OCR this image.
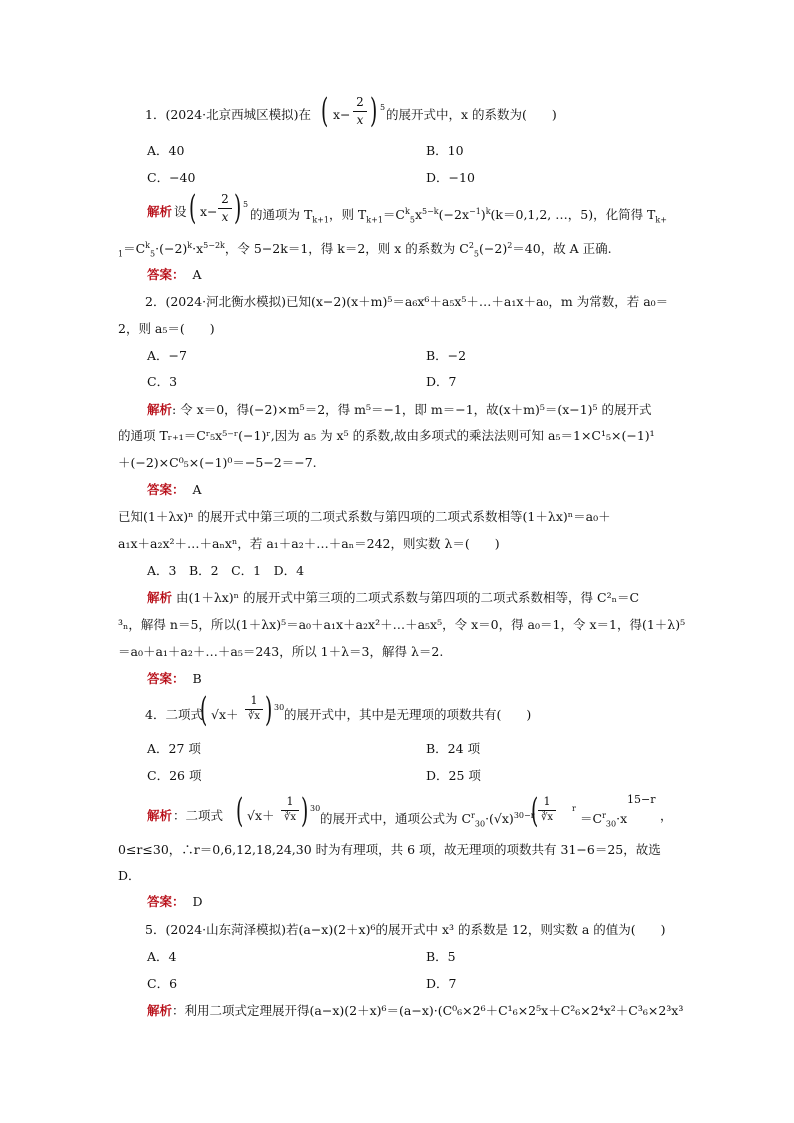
1．(2024·北京西城区模拟)在 ( x−
2
x ) 5 的展开式中，x 的系数为(　　)
A．40	B．10
C．−40	D．−10
解析 设 ( x−
2
x ) 5
的通项为 $T_{k+1}$，则 $T_{k+1}=C^k_5x^{5-k}(-2x^{-1})^k(k=0,1,2$, …，5)，化简得 $T_{k+}$
$_1=C^k_5\cdot(-2)^k\cdot x^{5-2k}$，令 5−2k＝1，得 k＝2，则 x 的系数为 $C^2_5(-2)^2=40$，故 A 正确.
答案： A
2．(2024·河北衡水模拟)已知(x−2)(x＋m)⁵＝a₆x⁶＋a₅x⁵＋…＋a₁x＋a₀，m 为常数，若 a₀＝
2，则 a₅＝(　　)
A．−7	B．−2
C．3	D．7
解析: 令 x＝0，得(−2)×m⁵＝2，得 m⁵＝−1，即 m＝−1，故(x＋m)⁵＝(x−1)⁵ 的展开式
的通项 Tᵣ₊₁＝Cʳ₅x⁵⁻ʳ(−1)ʳ,因为 a₅ 为 x⁵ 的系数,故由多项式的乘法法则可知 a₅＝1×C¹₅×(−1)¹
＋(−2)×C⁰₅×(−1)⁰＝−5−2＝−7.
答案： A
已知(1＋λx)ⁿ 的展开式中第三项的二项式系数与第四项的二项式系数相等(1＋λx)ⁿ＝a₀＋
a₁x＋a₂x²＋…＋aₙxⁿ，若 a₁＋a₂＋…＋aₙ＝242，则实数 λ＝(　　)
A．3　B．2　C．1　D．4
解析 由(1＋λx)ⁿ 的展开式中第三项的二项式系数与第四项的二项式系数相等，得 C²ₙ＝C
³ₙ，解得 n＝5，所以(1＋λx)⁵＝a₀＋a₁x＋a₂x²＋…＋a₅x⁵，令 x＝0，得 a₀＝1，令 x＝1，得(1＋λ)⁵
＝a₀＋a₁＋a₂＋…＋a₅＝243，所以 1＋λ＝3，解得 λ＝2.
答案： B
4．二项式
( √x＋
1
∛x ) 30 的展开式中，其中是无理项的项数共有(　　)
A．27 项	B．24 项
C．26 项	D．25 项
解析 ：二项式 ( √x＋
1
∛x ) 30
的展开式中，通项公式为 $C^r_{30}\cdot(√x)^{30-r}$
( 1
∛x
r
$=C^r_{30}\cdot x$
15−r
，
0≤r≤30，∴r＝0,6,12,18,24,30 时为有理项，共 6 项，故无理项的项数共有 31−6＝25，故选
D．
答案： D
5．(2024·山东菏泽模拟)若(a−x)(2＋x)⁶的展开式中 x³ 的系数是 12，则实数 a 的值为(　　)
A．4	B．5
C．6	D．7
解析：利用二项式定理展开得(a−x)(2＋x)⁶＝(a−x)·(C⁰₆×2⁶＋C¹₆×2⁵x＋C²₆×2⁴x²＋C³₆×2³x³
